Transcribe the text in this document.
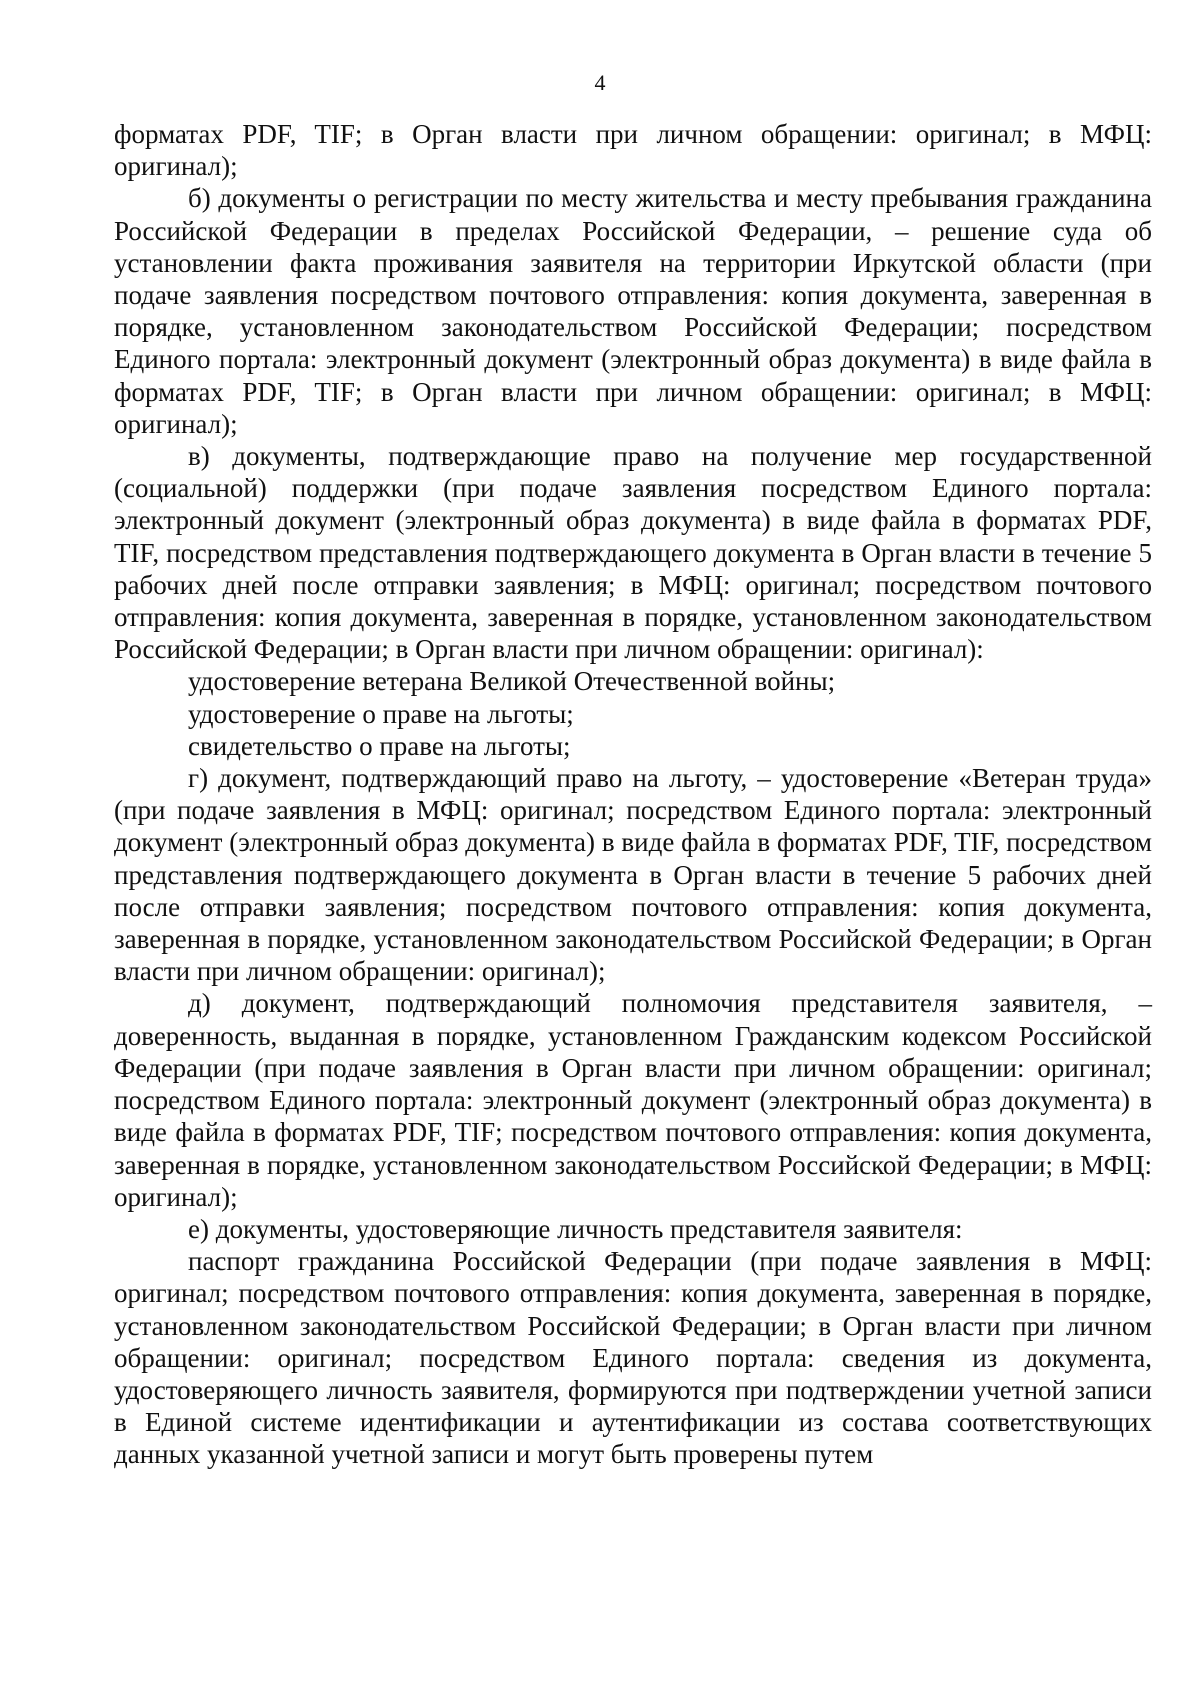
4

форматах PDF, TIF; в Орган власти при личном обращении: оригинал; в МФЦ: оригинал);

б) документы о регистрации по месту жительства и месту пребывания гражданина Российской Федерации в пределах Российской Федерации, – решение суда об установлении факта проживания заявителя на территории Иркутской области (при подаче заявления посредством почтового отправления: копия документа, заверенная в порядке, установленном законодательством Российской Федерации; посредством Единого портала: электронный документ (электронный образ документа) в виде файла в форматах PDF, TIF; в Орган власти при личном обращении: оригинал; в МФЦ: оригинал);

в) документы, подтверждающие право на получение мер государственной (социальной) поддержки (при подаче заявления посредством Единого портала: электронный документ (электронный образ документа) в виде файла в форматах PDF, TIF, посредством представления подтверждающего документа в Орган власти в течение 5 рабочих дней после отправки заявления; в МФЦ: оригинал; посредством почтового отправления: копия документа, заверенная в порядке, установленном законодательством Российской Федерации; в Орган власти при личном обращении: оригинал):

удостоверение ветерана Великой Отечественной войны;

удостоверение о праве на льготы;

свидетельство о праве на льготы;

г) документ, подтверждающий право на льготу, – удостоверение «Ветеран труда» (при подаче заявления в МФЦ: оригинал; посредством Единого портала: электронный документ (электронный образ документа) в виде файла в форматах PDF, TIF, посредством представления подтверждающего документа в Орган власти в течение 5 рабочих дней после отправки заявления; посредством почтового отправления: копия документа, заверенная в порядке, установленном законодательством Российской Федерации; в Орган власти при личном обращении: оригинал);

д) документ, подтверждающий полномочия представителя заявителя, – доверенность, выданная в порядке, установленном Гражданским кодексом Российской Федерации (при подаче заявления в Орган власти при личном обращении: оригинал; посредством Единого портала: электронный документ (электронный образ документа) в виде файла в форматах PDF, TIF; посредством почтового отправления: копия документа, заверенная в порядке, установленном законодательством Российской Федерации; в МФЦ: оригинал);

е) документы, удостоверяющие личность представителя заявителя:

паспорт гражданина Российской Федерации (при подаче заявления в МФЦ: оригинал; посредством почтового отправления: копия документа, заверенная в порядке, установленном законодательством Российской Федерации; в Орган власти при личном обращении: оригинал; посредством Единого портала: сведения из документа, удостоверяющего личность заявителя, формируются при подтверждении учетной записи в Единой системе идентификации и аутентификации из состава соответствующих данных указанной учетной записи и могут быть проверены путем
